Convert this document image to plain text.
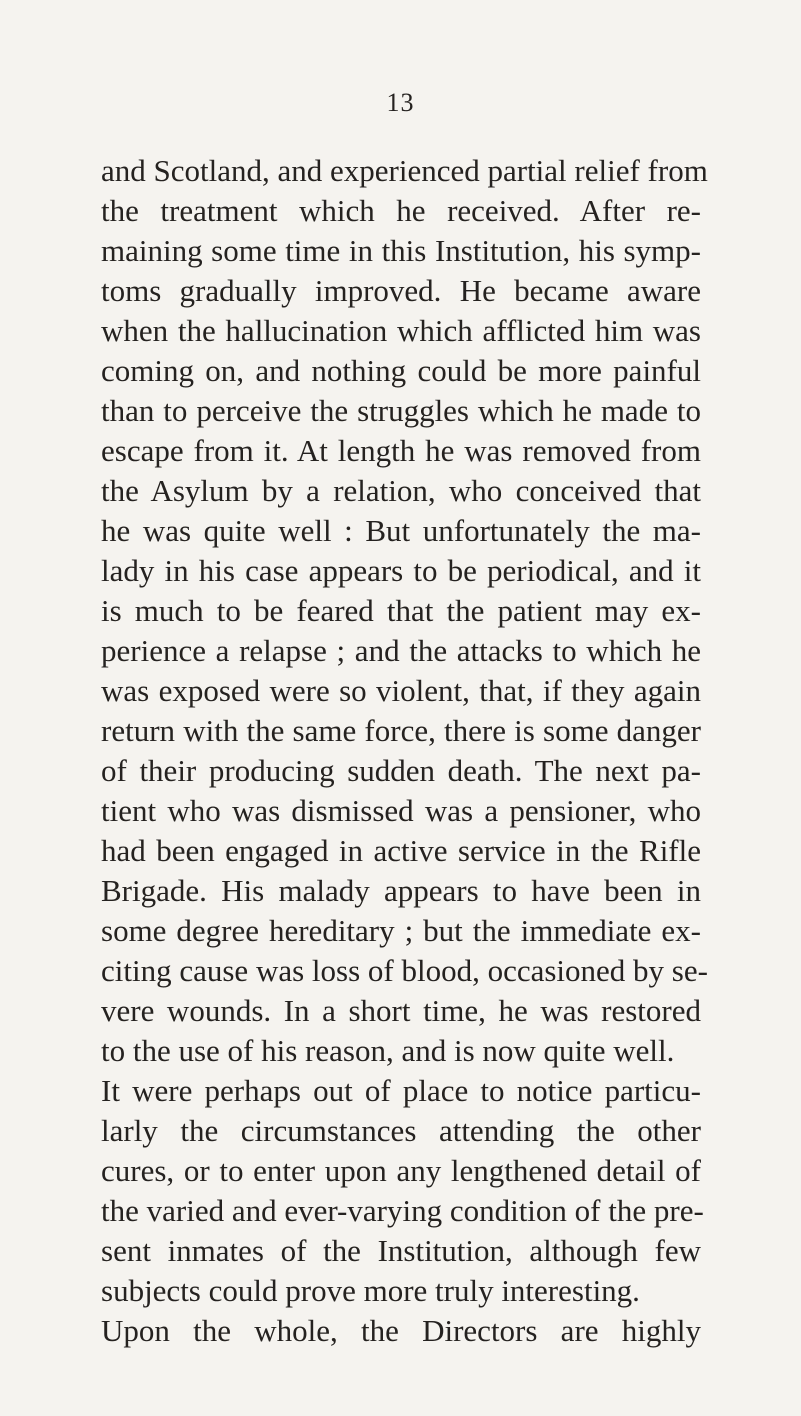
13
and Scotland, and experienced partial relief from
the treatment which he received. After re-
maining some time in this Institution, his symp-
toms gradually improved. He became aware
when the hallucination which afflicted him was
coming on, and nothing could be more painful
than to perceive the struggles which he made to
escape from it. At length he was removed from
the Asylum by a relation, who conceived that
he was quite well : But unfortunately the ma-
lady in his case appears to be periodical, and it
is much to be feared that the patient may ex-
perience a relapse ; and the attacks to which he
was exposed were so violent, that, if they again
return with the same force, there is some danger
of their producing sudden death. The next pa-
tient who was dismissed was a pensioner, who
had been engaged in active service in the Rifle
Brigade. His malady appears to have been in
some degree hereditary ; but the immediate ex-
citing cause was loss of blood, occasioned by se-
vere wounds. In a short time, he was restored
to the use of his reason, and is now quite well.
It were perhaps out of place to notice particu-
larly the circumstances attending the other
cures, or to enter upon any lengthened detail of
the varied and ever-varying condition of the pre-
sent inmates of the Institution, although few
subjects could prove more truly interesting.
Upon the whole, the Directors are highly
